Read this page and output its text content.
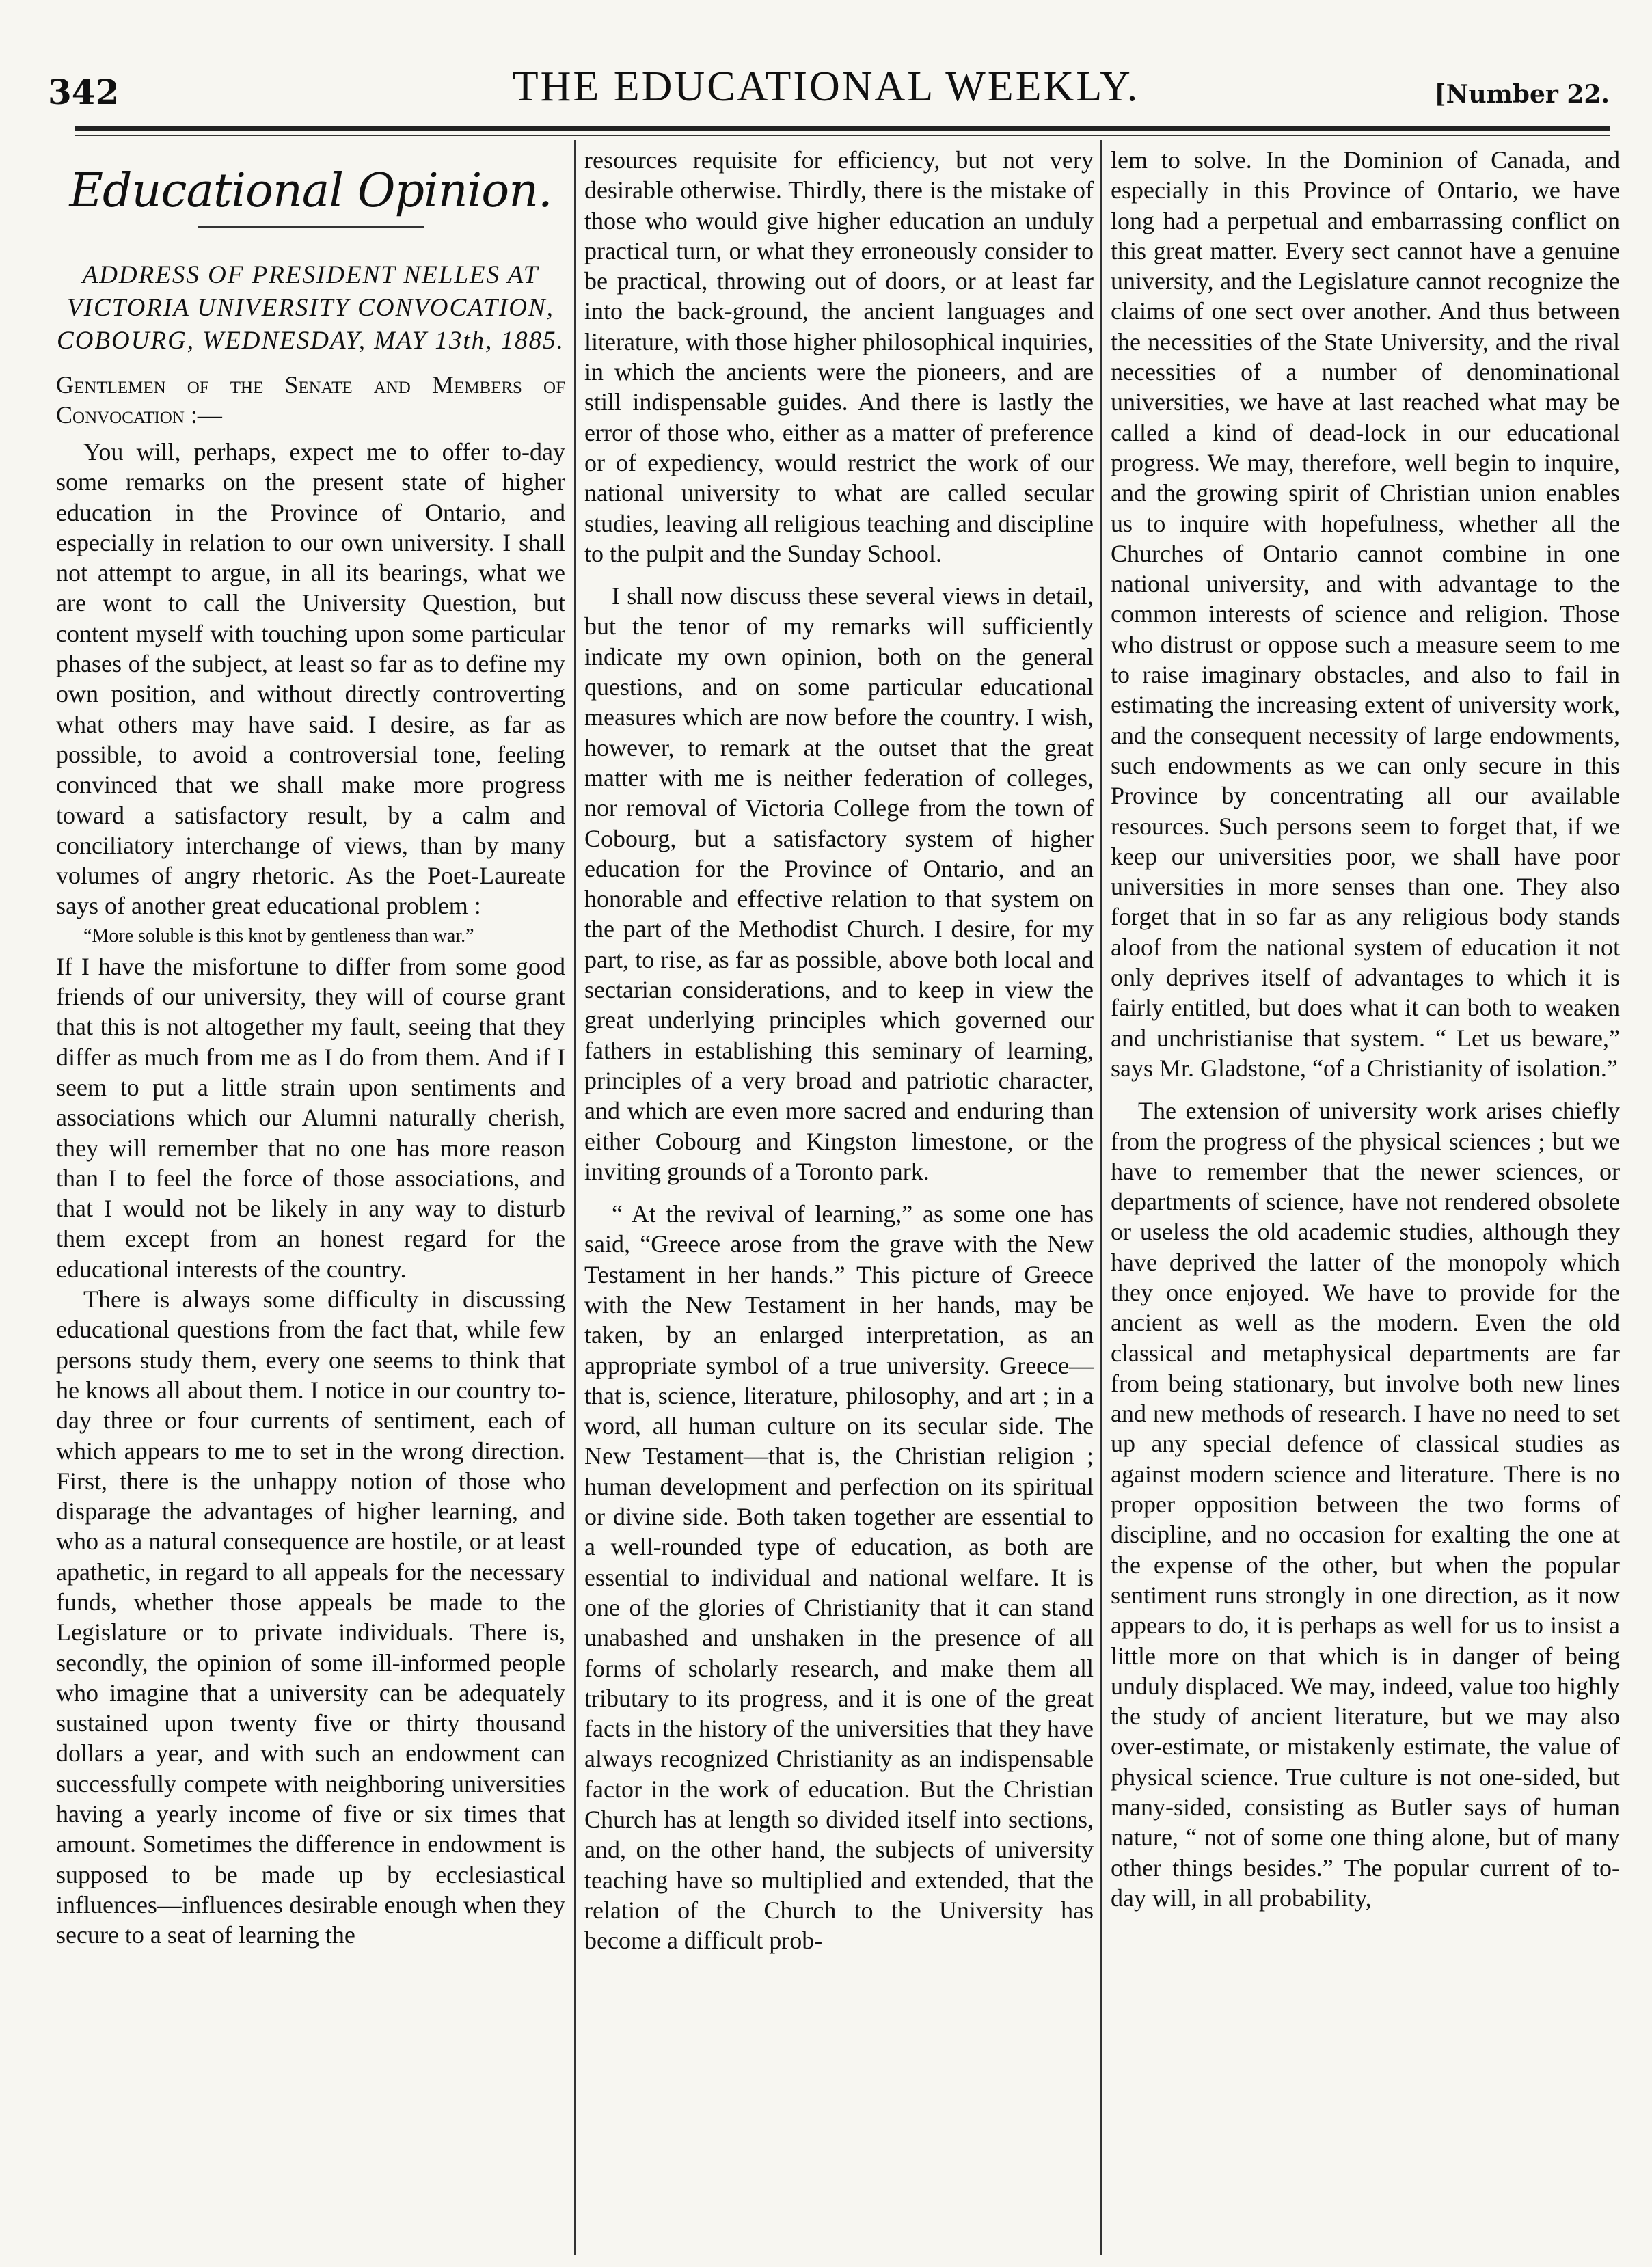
342	THE EDUCATIONAL WEEKLY.	[Number 22.
Educational Opinion.
ADDRESS OF PRESIDENT NELLES AT VICTORIA UNIVERSITY CONVOCATION, COBOURG, WEDNESDAY, MAY 13th, 1885.
Gentlemen of the Senate and Members of Convocation :—

You will, perhaps, expect me to offer to-day some remarks on the present state of higher education in the Province of Ontario, and especially in relation to our own university. I shall not attempt to argue, in all its bearings, what we are wont to call the University Question, but content myself with touching upon some particular phases of the subject, at least so far as to define my own position, and without directly controverting what others may have said. I desire, as far as possible, to avoid a controversial tone, feeling convinced that we shall make more progress toward a satisfactory result, by a calm and conciliatory interchange of views, than by many volumes of angry rhetoric. As the Poet-Laureate says of another great educational problem :

“More soluble is this knot by gentleness than war.”

If I have the misfortune to differ from some good friends of our university, they will of course grant that this is not altogether my fault, seeing that they differ as much from me as I do from them. And if I seem to put a little strain upon sentiments and associations which our Alumni naturally cherish, they will remember that no one has more reason than I to feel the force of those associations, and that I would not be likely in any way to disturb them except from an honest regard for the educational interests of the country.

There is always some difficulty in discussing educational questions from the fact that, while few persons study them, every one seems to think that he knows all about them. I notice in our country to-day three or four currents of sentiment, each of which appears to me to set in the wrong direction. First, there is the unhappy notion of those who disparage the advantages of higher learning, and who as a natural consequence are hostile, or at least apathetic, in regard to all appeals for the necessary funds, whether those appeals be made to the Legislature or to private individuals. There is, secondly, the opinion of some ill-informed people who imagine that a university can be adequately sustained upon twenty five or thirty thousand dollars a year, and with such an endowment can successfully compete with neighboring universities having a yearly income of five or six times that amount. Sometimes the difference in endowment is supposed to be made up by ecclesiastical influences—influences desirable enough when they secure to a seat of learning the

resources requisite for efficiency, but not very desirable otherwise. Thirdly, there is the mistake of those who would give higher education an unduly practical turn, or what they erroneously consider to be practical, throwing out of doors, or at least far into the back-ground, the ancient languages and literature, with those higher philosophical inquiries, in which the ancients were the pioneers, and are still indispensable guides. And there is lastly the error of those who, either as a matter of preference or of expediency, would restrict the work of our national university to what are called secular studies, leaving all religious teaching and discipline to the pulpit and the Sunday School.

I shall now discuss these several views in detail, but the tenor of my remarks will sufficiently indicate my own opinion, both on the general questions, and on some particular educational measures which are now before the country. I wish, however, to remark at the outset that the great matter with me is neither federation of colleges, nor removal of Victoria College from the town of Cobourg, but a satisfactory system of higher education for the Province of Ontario, and an honorable and effective relation to that system on the part of the Methodist Church. I desire, for my part, to rise, as far as possible, above both local and sectarian considerations, and to keep in view the great underlying principles which governed our fathers in establishing this seminary of learning, principles of a very broad and patriotic character, and which are even more sacred and enduring than either Cobourg and Kingston limestone, or the inviting grounds of a Toronto park.

“ At the revival of learning,” as some one has said, “Greece arose from the grave with the New Testament in her hands.” This picture of Greece with the New Testament in her hands, may be taken, by an enlarged interpretation, as an appropriate symbol of a true university. Greece—that is, science, literature, philosophy, and art ; in a word, all human culture on its secular side. The New Testament—that is, the Christian religion ; human development and perfection on its spiritual or divine side. Both taken together are essential to a well-rounded type of education, as both are essential to individual and national welfare. It is one of the glories of Christianity that it can stand unabashed and unshaken in the presence of all forms of scholarly research, and make them all tributary to its progress, and it is one of the great facts in the history of the universities that they have always recognized Christianity as an indispensable factor in the work of education. But the Christian Church has at length so divided itself into sections, and, on the other hand, the subjects of university teaching have so multiplied and extended, that the relation of the Church to the University has become a difficult prob-

lem to solve. In the Dominion of Canada, and especially in this Province of Ontario, we have long had a perpetual and embarrassing conflict on this great matter. Every sect cannot have a genuine university, and the Legislature cannot recognize the claims of one sect over another. And thus between the necessities of the State University, and the rival necessities of a number of denominational universities, we have at last reached what may be called a kind of dead-lock in our educational progress. We may, therefore, well begin to inquire, and the growing spirit of Christian union enables us to inquire with hopefulness, whether all the Churches of Ontario cannot combine in one national university, and with advantage to the common interests of science and religion. Those who distrust or oppose such a measure seem to me to raise imaginary obstacles, and also to fail in estimating the increasing extent of university work, and the consequent necessity of large endowments, such endowments as we can only secure in this Province by concentrating all our available resources. Such persons seem to forget that, if we keep our universities poor, we shall have poor universities in more senses than one. They also forget that in so far as any religious body stands aloof from the national system of education it not only deprives itself of advantages to which it is fairly entitled, but does what it can both to weaken and unchristianise that system. “ Let us beware,” says Mr. Gladstone, “of a Christianity of isolation.”

The extension of university work arises chiefly from the progress of the physical sciences ; but we have to remember that the newer sciences, or departments of science, have not rendered obsolete or useless the old academic studies, although they have deprived the latter of the monopoly which they once enjoyed. We have to provide for the ancient as well as the modern. Even the old classical and metaphysical departments are far from being stationary, but involve both new lines and new methods of research. I have no need to set up any special defence of classical studies as against modern science and literature. There is no proper opposition between the two forms of discipline, and no occasion for exalting the one at the expense of the other, but when the popular sentiment runs strongly in one direction, as it now appears to do, it is perhaps as well for us to insist a little more on that which is in danger of being unduly displaced. We may, indeed, value too highly the study of ancient literature, but we may also over-estimate, or mistakenly estimate, the value of physical science. True culture is not one-sided, but many-sided, consisting as Butler says of human nature, “ not of some one thing alone, but of many other things besides.” The popular current of to-day will, in all probability,
